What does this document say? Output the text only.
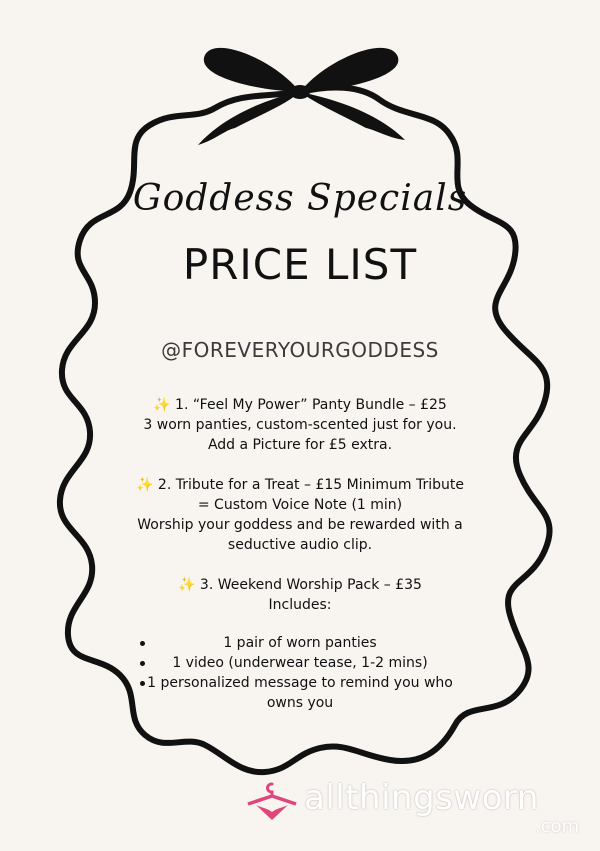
Goddess Specials
PRICE LIST
@FOREVERYOURGODDESS

✨ 1. “Feel My Power” Panty Bundle – £25

3 worn panties, custom-scented just for you. Add a Picture for £5 extra.

✨ 2. Tribute for a Treat – £15 Minimum Tribute = Custom Voice Note (1 min)

Worship your goddess and be rewarded with a seductive audio clip.

✨ 3. Weekend Worship Pack – £35

Includes:

1 pair of worn panties
1 video (underwear tease, 1-2 mins)
1 personalized message to remind you who owns you
allthingsworn
.com
